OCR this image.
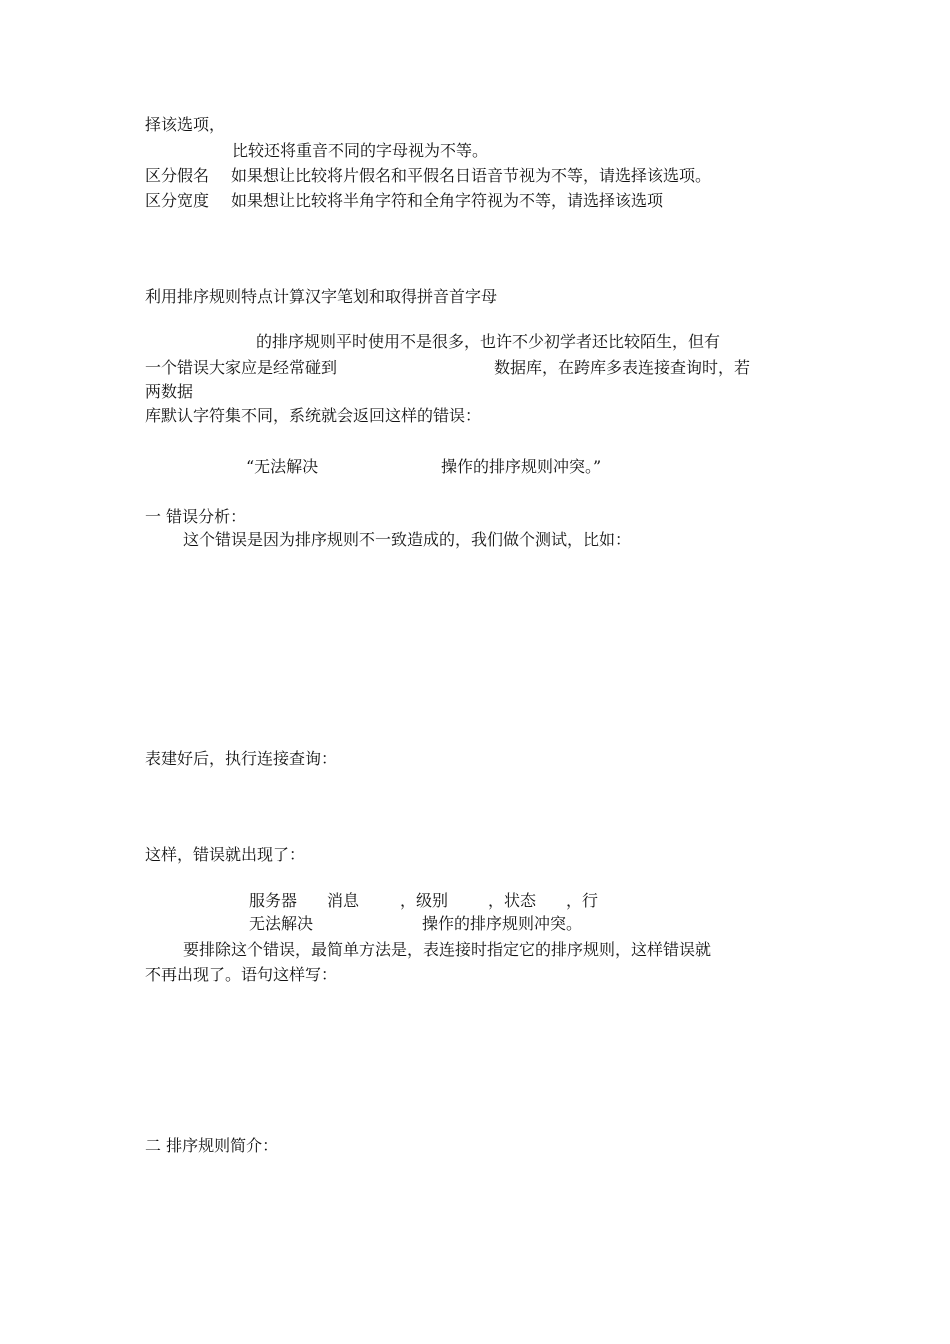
择该选项，
比较还将重音不同的字母视为不等。
区分假名 如果想让比较将片假名和平假名日语音节视为不等，请选择该选项。
区分宽度 如果想让比较将半角字符和全角字符视为不等，请选择该选项
利用排序规则特点计算汉字笔划和取得拼音首字母
的排序规则平时使用不是很多，也许不少初学者还比较陌生，但有
一个错误大家应是经常碰到	数据库，在跨库多表连接查询时，若
两数据
库默认字符集不同，系统就会返回这样的错误：
“无法解决	操作的排序规则冲突。”
一 错误分析：
这个错误是因为排序规则不一致造成的，我们做个测试，比如：
表建好后，执行连接查询：
这样，错误就出现了：
服务器 消息	，级别 ，状态 ，行
无法解决	操作的排序规则冲突。
要排除这个错误，最简单方法是，表连接时指定它的排序规则，这样错误就
不再出现了。语句这样写：
二 排序规则简介：
